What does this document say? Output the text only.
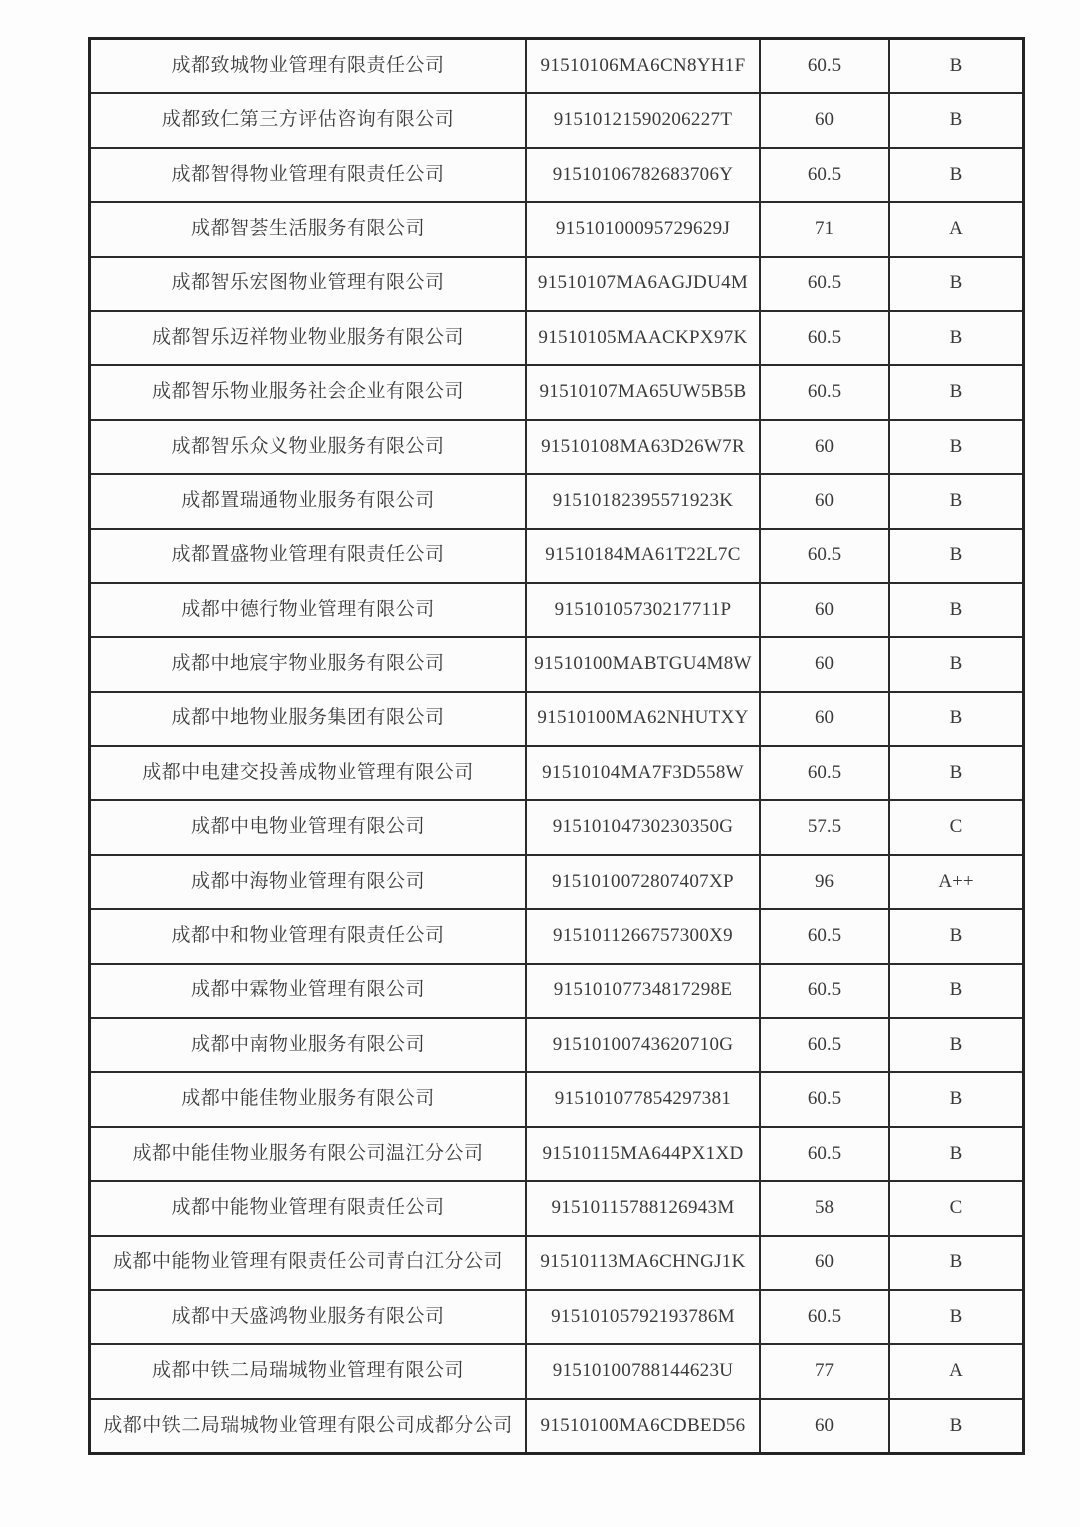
成都致城物业管理有限责任公司	91510106MA6CN8YH1F	60.5	B
成都致仁第三方评估咨询有限公司	91510121590206227T	60	B
成都智得物业管理有限责任公司	91510106782683706Y	60.5	B
成都智荟生活服务有限公司	91510100095729629J	71	A
成都智乐宏图物业管理有限公司	91510107MA6AGJDU4M	60.5	B
成都智乐迈祥物业物业服务有限公司	91510105MAACKPX97K	60.5	B
成都智乐物业服务社会企业有限公司	91510107MA65UW5B5B	60.5	B
成都智乐众义物业服务有限公司	91510108MA63D26W7R	60	B
成都置瑞通物业服务有限公司	91510182395571923K	60	B
成都置盛物业管理有限责任公司	91510184MA61T22L7C	60.5	B
成都中德行物业管理有限公司	91510105730217711P	60	B
成都中地宸宇物业服务有限公司	91510100MABTGU4M8W	60	B
成都中地物业服务集团有限公司	91510100MA62NHUTXY	60	B
成都中电建交投善成物业管理有限公司	91510104MA7F3D558W	60.5	B
成都中电物业管理有限公司	91510104730230350G	57.5	C
成都中海物业管理有限公司	9151010072807407XP	96	A++
成都中和物业管理有限责任公司	9151011266757300X9	60.5	B
成都中霖物业管理有限公司	91510107734817298E	60.5	B
成都中南物业服务有限公司	91510100743620710G	60.5	B
成都中能佳物业服务有限公司	915101077854297381	60.5	B
成都中能佳物业服务有限公司温江分公司	91510115MA644PX1XD	60.5	B
成都中能物业管理有限责任公司	91510115788126943M	58	C
成都中能物业管理有限责任公司青白江分公司	91510113MA6CHNGJ1K	60	B
成都中天盛鸿物业服务有限公司	91510105792193786M	60.5	B
成都中铁二局瑞城物业管理有限公司	91510100788144623U	77	A
成都中铁二局瑞城物业管理有限公司成都分公司	91510100MA6CDBED56	60	B
